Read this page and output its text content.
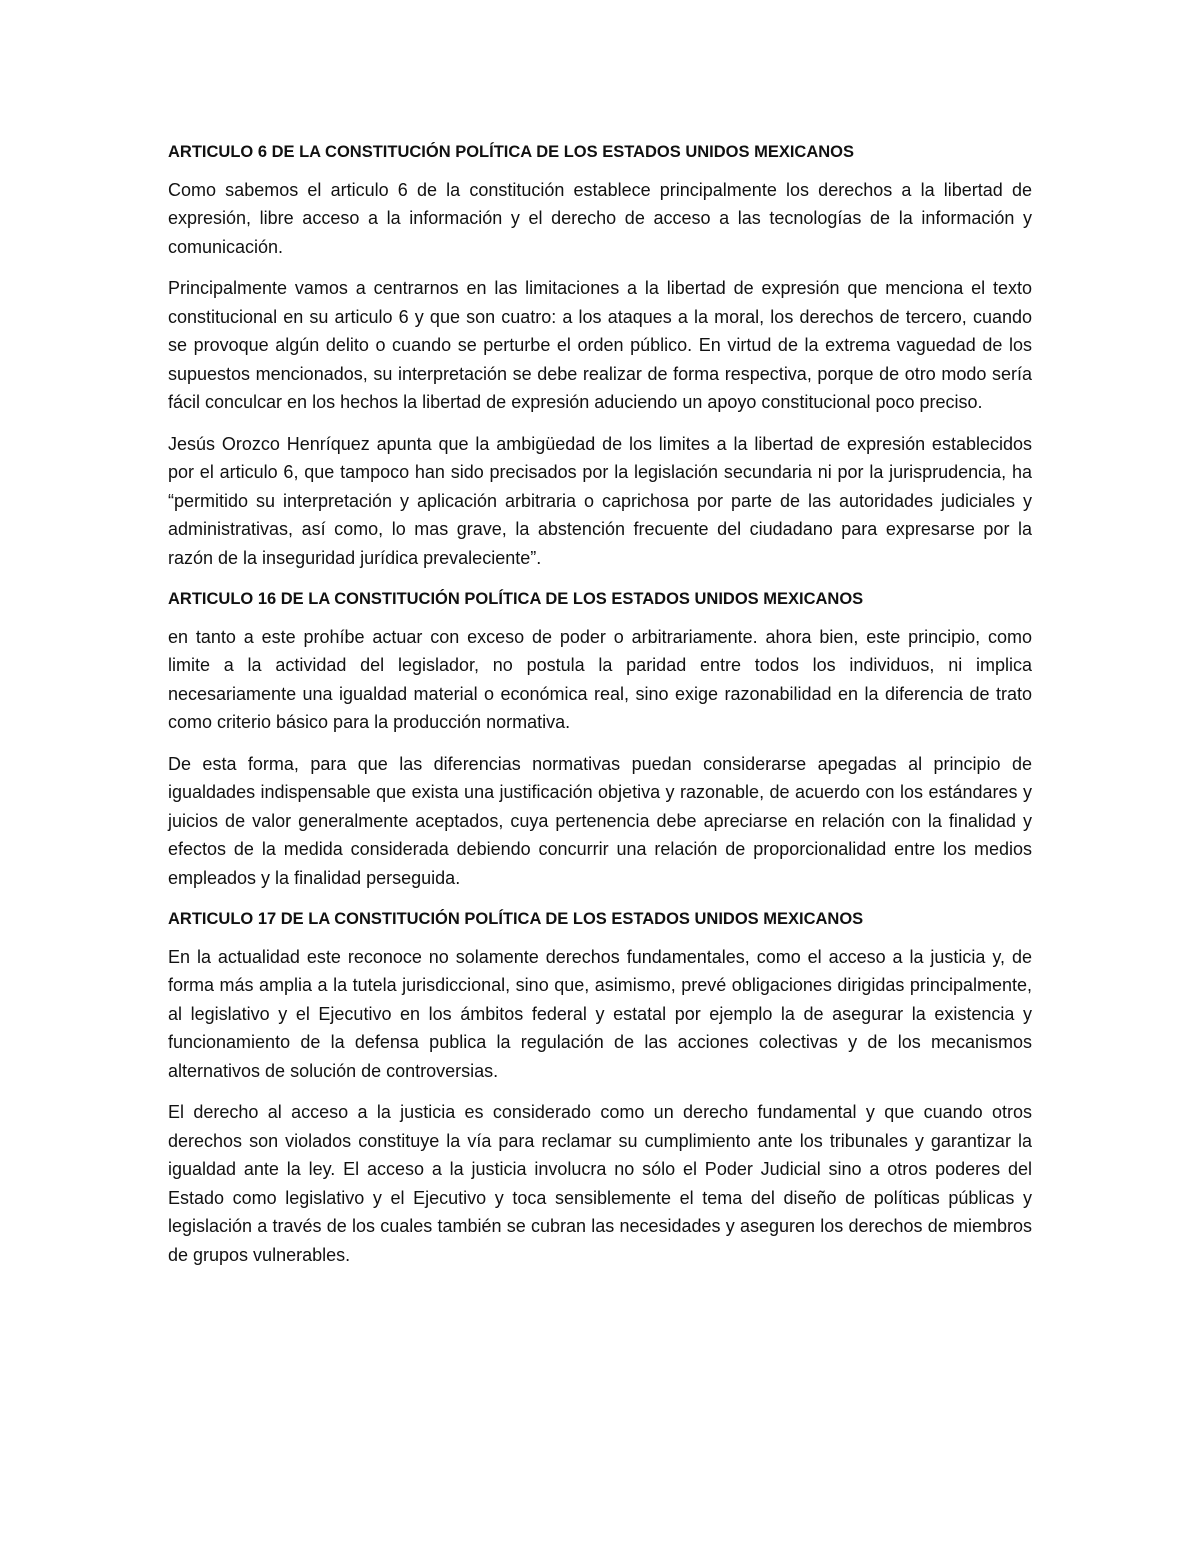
ARTICULO 6 DE LA CONSTITUCIÓN POLÍTICA DE LOS ESTADOS UNIDOS MEXICANOS

Como sabemos el articulo 6 de la constitución establece principalmente los derechos a la libertad de expresión, libre acceso a la información y el derecho de acceso a las tecnologías de la información y comunicación.

Principalmente vamos a centrarnos en las limitaciones a la libertad de expresión que menciona el texto constitucional en su articulo 6 y que son cuatro: a los ataques a la moral, los derechos de tercero, cuando se provoque algún delito o cuando se perturbe el orden público. En virtud de la extrema vaguedad de los supuestos mencionados, su interpretación se debe realizar de forma respectiva, porque de otro modo sería fácil conculcar en los hechos la libertad de expresión aduciendo un apoyo constitucional poco preciso.

Jesús Orozco Henríquez apunta que la ambigüedad de los limites a la libertad de expresión establecidos por el articulo 6, que tampoco han sido precisados por la legislación secundaria ni por la jurisprudencia, ha “permitido su interpretación y aplicación arbitraria o caprichosa por parte de las autoridades judiciales y administrativas, así como, lo mas grave, la abstención frecuente del ciudadano para expresarse por la razón de la inseguridad jurídica prevaleciente”.

ARTICULO 16 DE LA CONSTITUCIÓN POLÍTICA DE LOS ESTADOS UNIDOS MEXICANOS

en tanto a este prohíbe actuar con exceso de poder o arbitrariamente. ahora bien, este principio, como limite a la actividad del legislador, no postula la paridad entre todos los individuos, ni implica necesariamente una igualdad material o económica real, sino exige razonabilidad en la diferencia de trato como criterio básico para la producción normativa.

De esta forma, para que las diferencias normativas puedan considerarse apegadas al principio de igualdades indispensable que exista una justificación objetiva y razonable, de acuerdo con los estándares y juicios de valor generalmente aceptados, cuya pertenencia debe apreciarse en relación con la finalidad y efectos de la medida considerada debiendo concurrir una relación de proporcionalidad entre los medios empleados y la finalidad perseguida.

ARTICULO 17 DE LA CONSTITUCIÓN POLÍTICA DE LOS ESTADOS UNIDOS MEXICANOS

En la actualidad este reconoce no solamente derechos fundamentales, como el acceso a la justicia y, de forma más amplia a la tutela jurisdiccional, sino que, asimismo, prevé obligaciones dirigidas principalmente, al legislativo y el Ejecutivo en los ámbitos federal y estatal por ejemplo la de asegurar la existencia y funcionamiento de la defensa publica la regulación de las acciones colectivas y de los mecanismos alternativos de solución de controversias.

El derecho al acceso a la justicia es considerado como un derecho fundamental y que cuando otros derechos son violados constituye la vía para reclamar su cumplimiento ante los tribunales y garantizar la igualdad ante la ley. El acceso a la justicia involucra no sólo el Poder Judicial sino a otros poderes del Estado como legislativo y el Ejecutivo y toca sensiblemente el tema del diseño de políticas públicas y legislación a través de los cuales también se cubran las necesidades y aseguren los derechos de miembros de grupos vulnerables.
